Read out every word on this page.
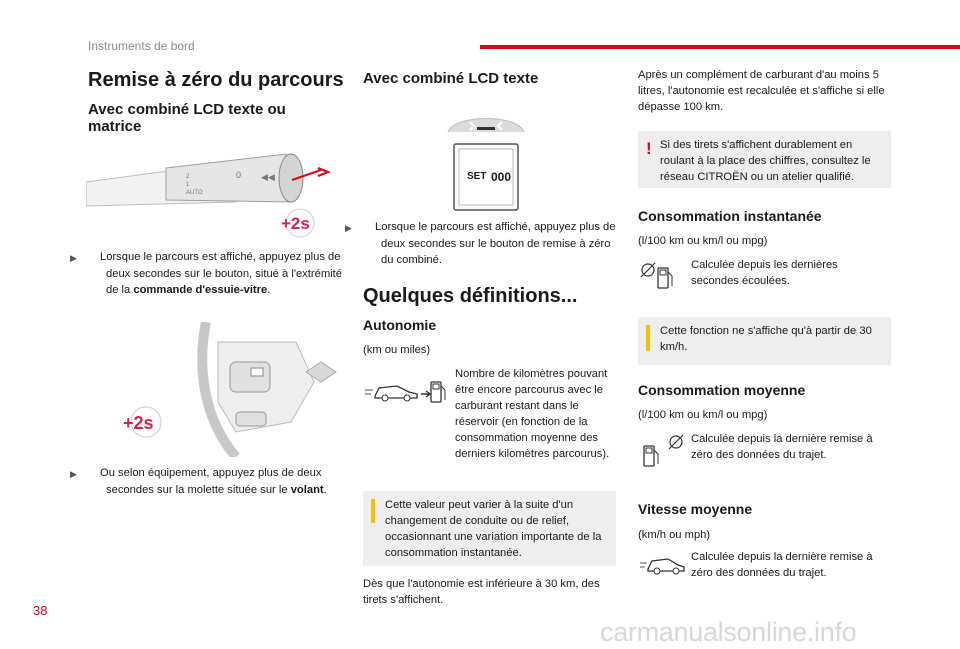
Instruments de bord
Remise à zéro du parcours
Avec combiné LCD texte ou matrice
2
1
AUTO
0 ◀◀
+2s
▶ Lorsque le parcours est affiché, appuyez plus de deux secondes sur le bouton, situé à l'extrémité de la commande d'essuie-vitre.
+2s
▶ Ou selon équipement, appuyez plus de deux secondes sur la molette située sur le volant.
Avec combiné LCD texte
SET 000
▶ Lorsque le parcours est affiché, appuyez plus de deux secondes sur le bouton de remise à zéro du combiné.
Quelques définitions...
Autonomie
(km ou miles)
Nombre de kilomètres pouvant être encore parcourus avec le carburant restant dans le réservoir (en fonction de la consommation moyenne des derniers kilomètres parcourus).
Cette valeur peut varier à la suite d'un changement de conduite ou de relief, occasionnant une variation importante de la consommation instantanée.
Dès que l'autonomie est inférieure à 30 km, des tirets s'affichent.
Après un complément de carburant d'au moins 5 litres, l'autonomie est recalculée et s'affiche si elle dépasse 100 km.
! Si des tirets s'affichent durablement en roulant à la place des chiffres, consultez le réseau CITROËN ou un atelier qualifié.
Consommation instantanée
(l/100 km ou km/l ou mpg)
Calculée depuis les dernières secondes écoulées.
Cette fonction ne s'affiche qu'à partir de 30 km/h.
Consommation moyenne
(l/100 km ou km/l ou mpg)
Calculée depuis la dernière remise à zéro des données du trajet.
Vitesse moyenne
(km/h ou mph)
Calculée depuis la dernière remise à zéro des données du trajet.
38
carmanualsonline.info
